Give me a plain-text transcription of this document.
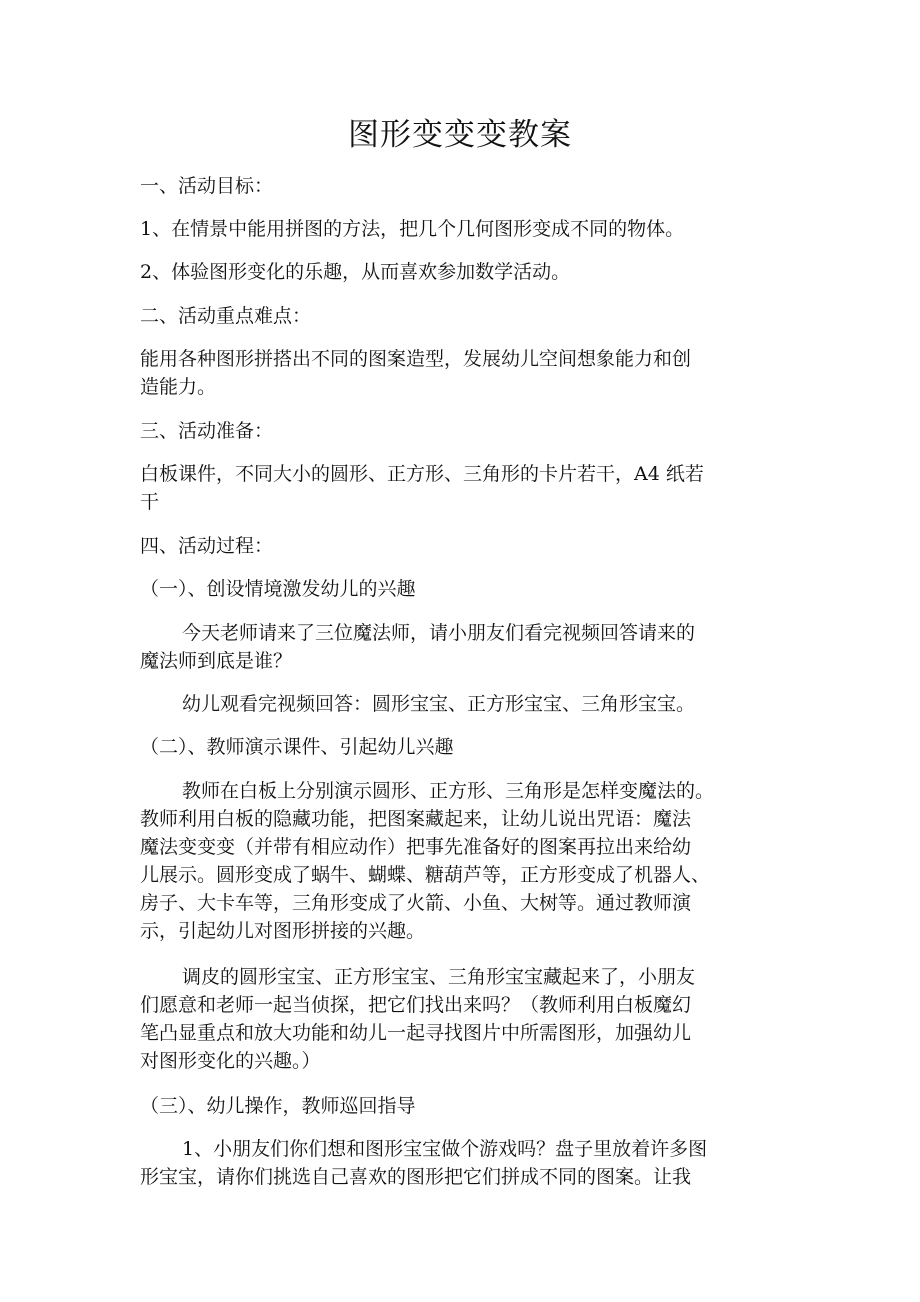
图形变变变教案

一、活动目标：

1、在情景中能用拼图的方法，把几个几何图形变成不同的物体。

2、体验图形变化的乐趣，从而喜欢参加数学活动。

二、活动重点难点：

能用各种图形拼搭出不同的图案造型，发展幼儿空间想象能力和创
造能力。

三、活动准备：

白板课件，不同大小的圆形、正方形、三角形的卡片若干，A4 纸若
干

四、活动过程：

（一）、创设情境激发幼儿的兴趣

今天老师请来了三位魔法师，请小朋友们看完视频回答请来的
魔法师到底是谁？

幼儿观看完视频回答：圆形宝宝、正方形宝宝、三角形宝宝。

（二）、教师演示课件、引起幼儿兴趣

教师在白板上分别演示圆形、正方形、三角形是怎样变魔法的。
教师利用白板的隐藏功能，把图案藏起来，让幼儿说出咒语：魔法
魔法变变变（并带有相应动作）把事先准备好的图案再拉出来给幼
儿展示。圆形变成了蜗牛、蝴蝶、糖葫芦等，正方形变成了机器人、
房子、大卡车等，三角形变成了火箭、小鱼、大树等。通过教师演
示，引起幼儿对图形拼接的兴趣。
调皮的圆形宝宝、正方形宝宝、三角形宝宝藏起来了，小朋友
们愿意和老师一起当侦探，把它们找出来吗？（教师利用白板魔幻
笔凸显重点和放大功能和幼儿一起寻找图片中所需图形，加强幼儿
对图形变化的兴趣。）

（三）、幼儿操作，教师巡回指导

1、小朋友们你们想和图形宝宝做个游戏吗？盘子里放着许多图
形宝宝，请你们挑选自己喜欢的图形把它们拼成不同的图案。让我
